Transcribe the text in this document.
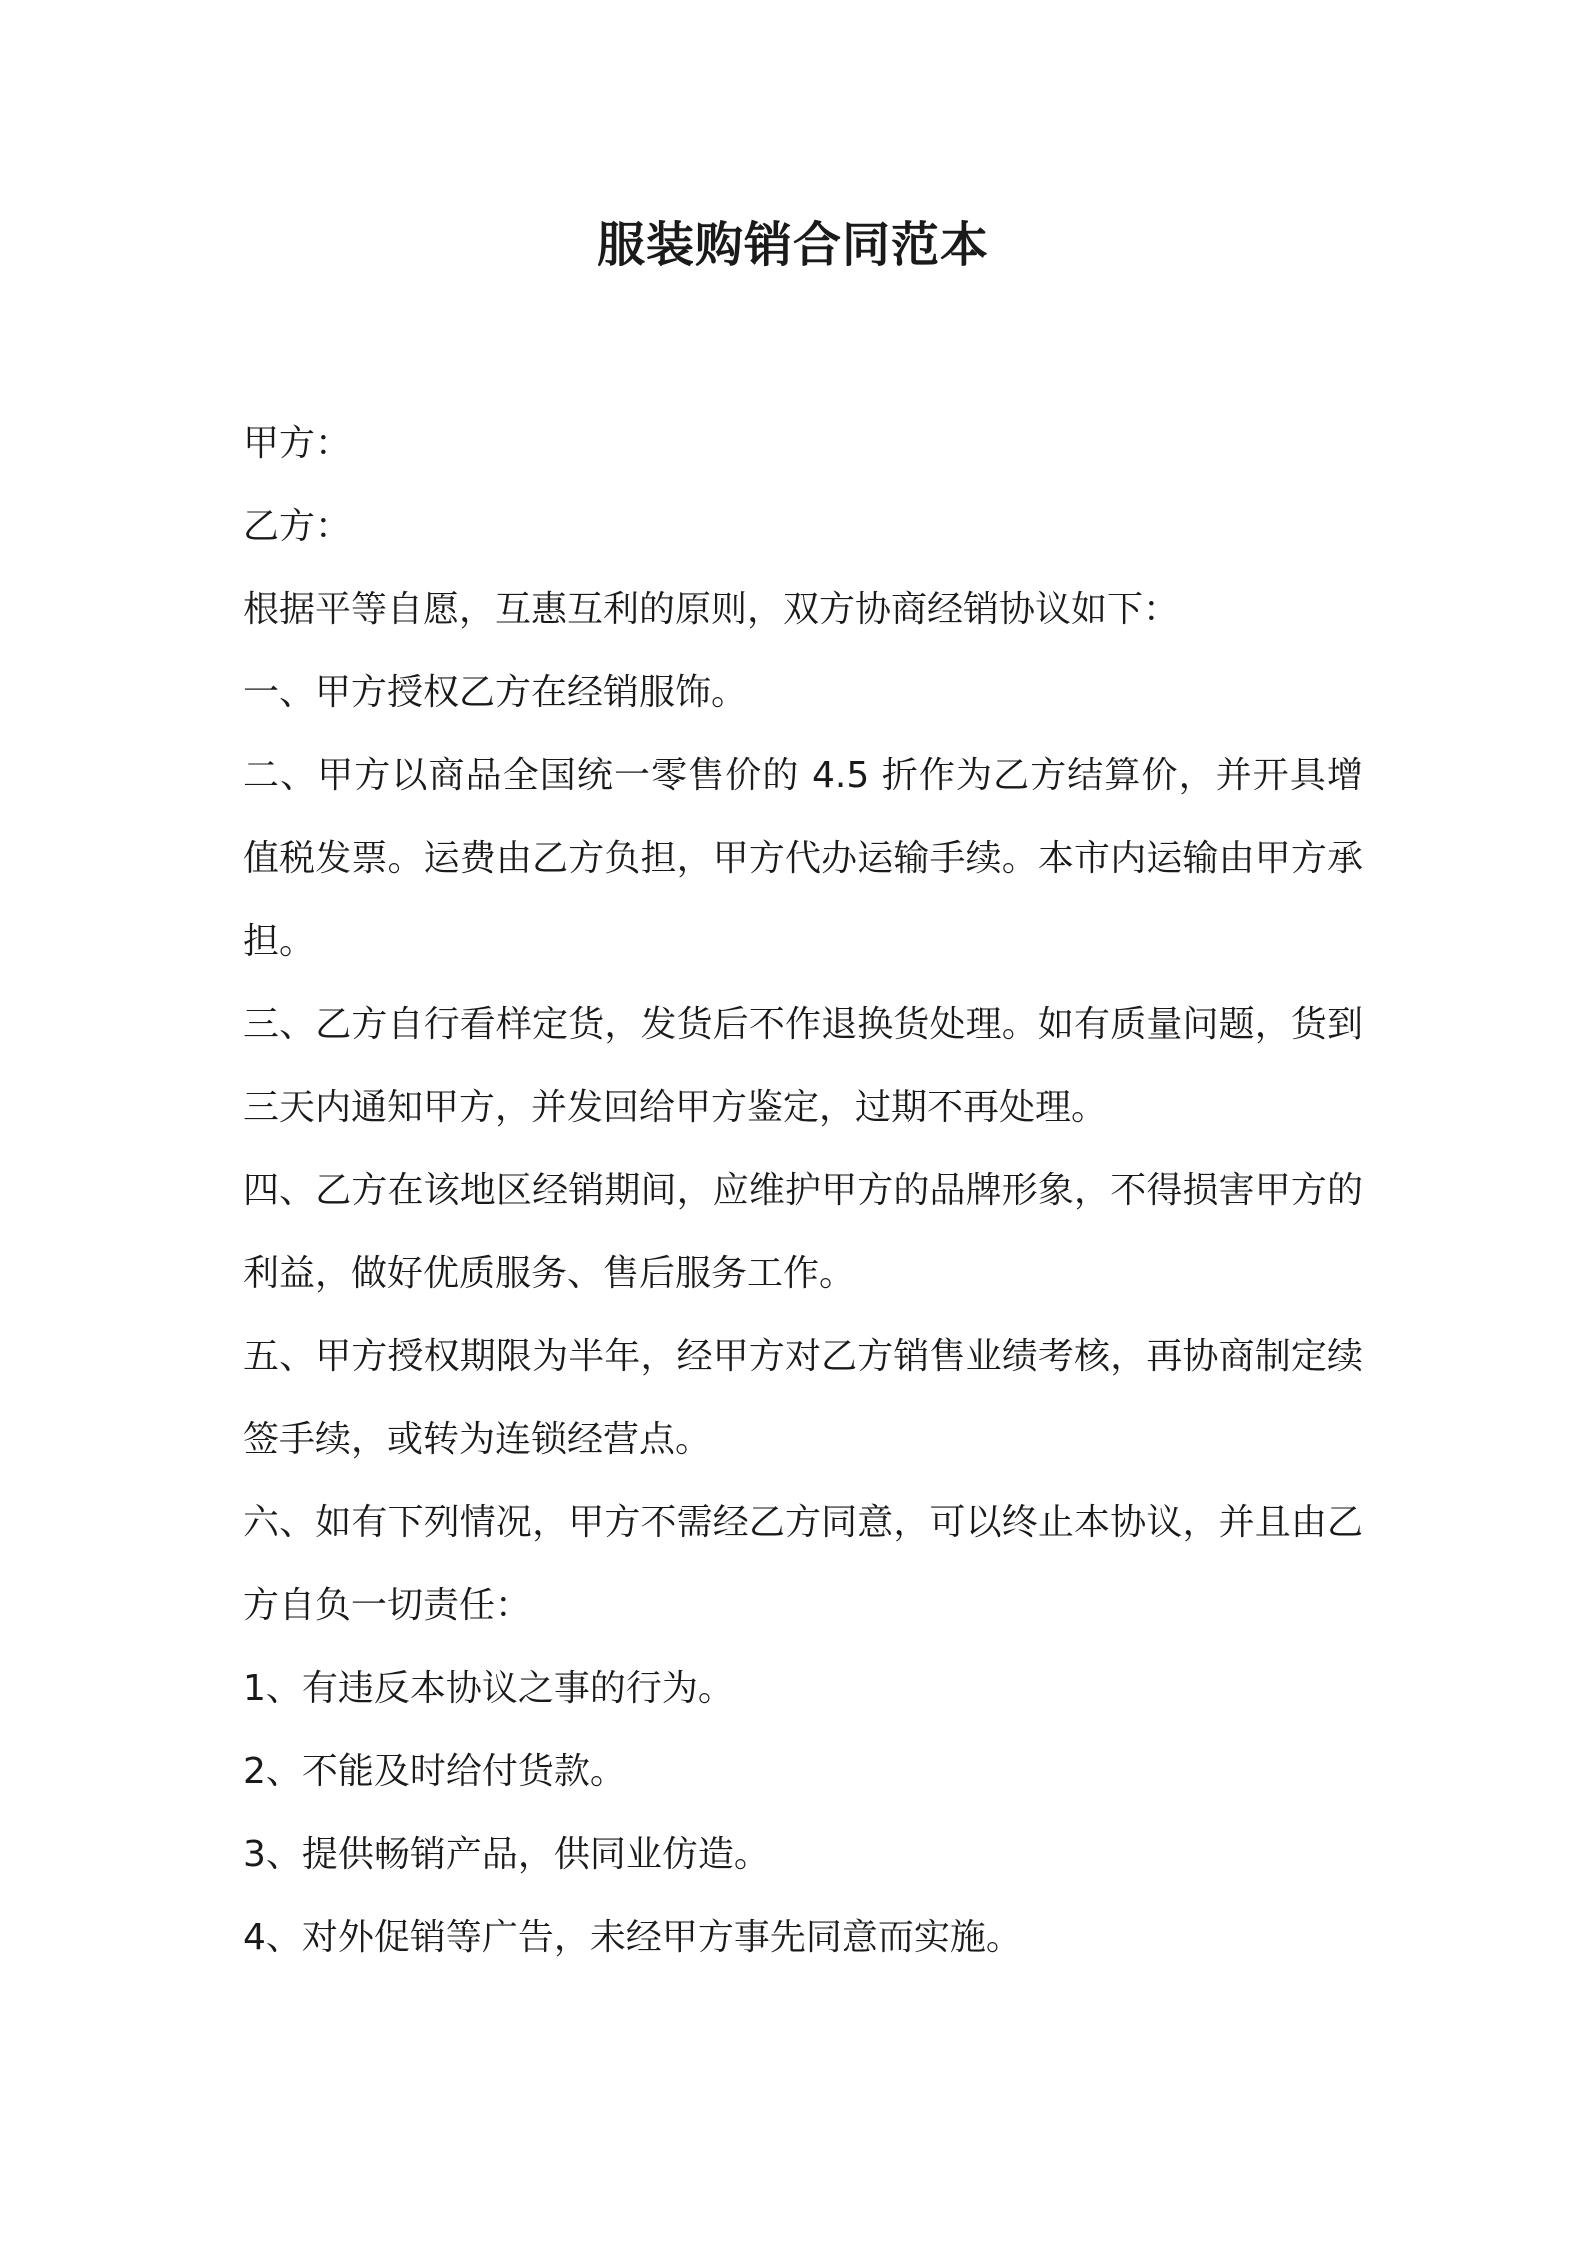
服装购销合同范本

甲方：

乙方：

根据平等自愿，互惠互利的原则，双方协商经销协议如下：

一、甲方授权乙方在经销服饰。

二、甲方以商品全国统一零售价的 4.5 折作为乙方结算价，并开具增值税发票。运费由乙方负担，甲方代办运输手续。本市内运输由甲方承担。

三、乙方自行看样定货，发货后不作退换货处理。如有质量问题，货到三天内通知甲方，并发回给甲方鉴定，过期不再处理。

四、乙方在该地区经销期间，应维护甲方的品牌形象，不得损害甲方的利益，做好优质服务、售后服务工作。

五、甲方授权期限为半年，经甲方对乙方销售业绩考核，再协商制定续签手续，或转为连锁经营点。

六、如有下列情况，甲方不需经乙方同意，可以终止本协议，并且由乙方自负一切责任：

1、有违反本协议之事的行为。

2、不能及时给付货款。

3、提供畅销产品，供同业仿造。

4、对外促销等广告，未经甲方事先同意而实施。
